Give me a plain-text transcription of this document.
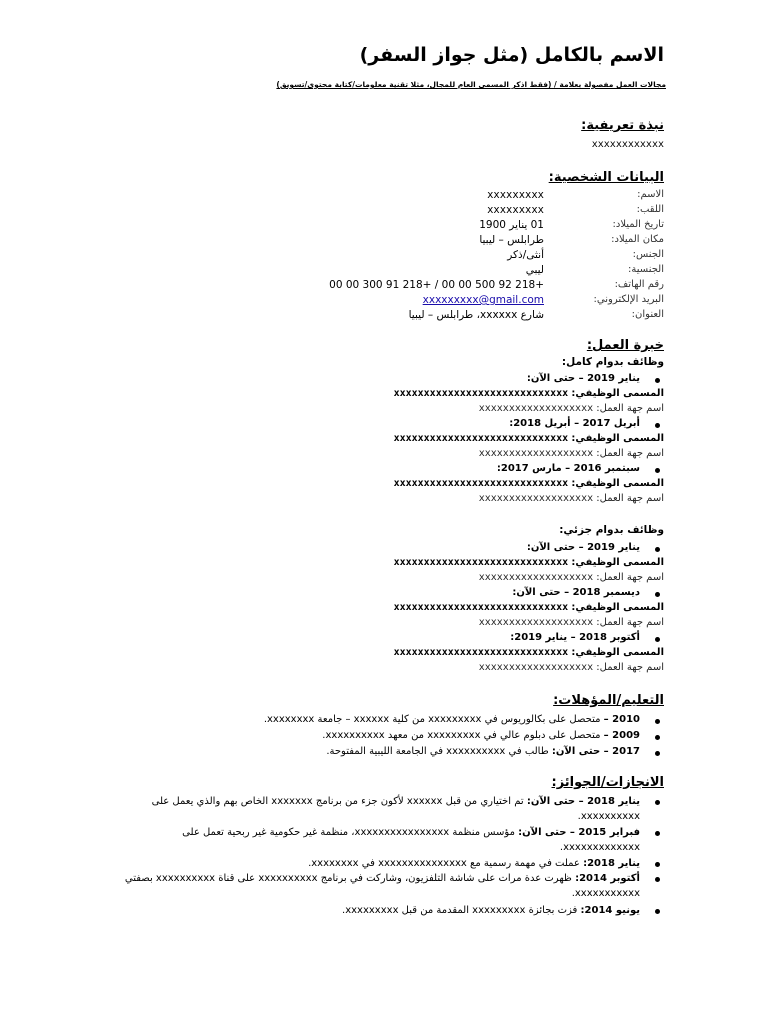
الاسم بالكامل (مثل جواز السفر)
مجالات العمل مفصولة بعلامة / (فقط اذكر المسمى العام للمجال، مثلا تقنية معلومات/كتابة محتوى/تسويق)
نبذة تعريفية:
xxxxxxxxxxxx
البيانات الشخصية:
الاسم:
xxxxxxxxx
اللقب:
xxxxxxxxx
تاريخ الميلاد:
01 يناير 1900
مكان الميلاد:
طرابلس – ليبيا
الجنس:
أنثى/ذكر
الجنسية:
ليبي
رقم الهاتف:
00 00 300 91 218+ / 00 00 500 92 218+
البريد الإلكتروني:
xxxxxxxxx@gmail.com
العنوان:
شارع xxxxxx، طرابلس – ليبيا
خبرة العمل:
وظائف بدوام كامل:
يناير 2019 – حتى الآن:
المسمى الوظيفي: xxxxxxxxxxxxxxxxxxxxxxxxxxxxx
اسم جهة العمل: xxxxxxxxxxxxxxxxxxx
أبريل 2017 – أبريل 2018:
المسمى الوظيفي: xxxxxxxxxxxxxxxxxxxxxxxxxxxxx
اسم جهة العمل: xxxxxxxxxxxxxxxxxxx
سبتمبر 2016 – مارس 2017:
المسمى الوظيفي: xxxxxxxxxxxxxxxxxxxxxxxxxxxxx
اسم جهة العمل: xxxxxxxxxxxxxxxxxxx
وظائف بدوام جزئي:
يناير 2019 – حتى الآن:
المسمى الوظيفي: xxxxxxxxxxxxxxxxxxxxxxxxxxxxx
اسم جهة العمل: xxxxxxxxxxxxxxxxxxx
ديسمبر 2018 – حتى الآن:
المسمى الوظيفي: xxxxxxxxxxxxxxxxxxxxxxxxxxxxx
اسم جهة العمل: xxxxxxxxxxxxxxxxxxx
أكتوبر 2018 – يناير 2019:
المسمى الوظيفي: xxxxxxxxxxxxxxxxxxxxxxxxxxxxx
اسم جهة العمل: xxxxxxxxxxxxxxxxxxx
التعليم/المؤهلات:
2010 – متحصل على بكالوريوس في xxxxxxxxx من كلية xxxxxx – جامعة xxxxxxxx.
2009 – متحصل على دبلوم عالي في xxxxxxxxx من معهد xxxxxxxxxx.
2017 – حتى الآن: طالب في xxxxxxxxxx في الجامعة الليبية المفتوحة.
الانجازات/الجوائز:
يناير 2018 – حتى الآن: تم اختياري من قبل xxxxxx لأكون جزء من برنامج xxxxxxx الخاص بهم والذي يعمل على xxxxxxxxxx.
فبراير 2015 – حتى الآن: مؤسس منظمة xxxxxxxxxxxxxxxx، منظمة غير حكومية غير ربحية تعمل على xxxxxxxxxxxxx.
يناير 2018: عملت في مهمة رسمية مع xxxxxxxxxxxxxxx في xxxxxxxx.
أكتوبر 2014: ظهرت عدة مرات على شاشة التلفزيون، وشاركت في برنامج xxxxxxxxxx على قناة xxxxxxxxxx بصفتي xxxxxxxxxxx.
يونيو 2014: فزت بجائزة xxxxxxxxx المقدمة من قبل xxxxxxxxx.
